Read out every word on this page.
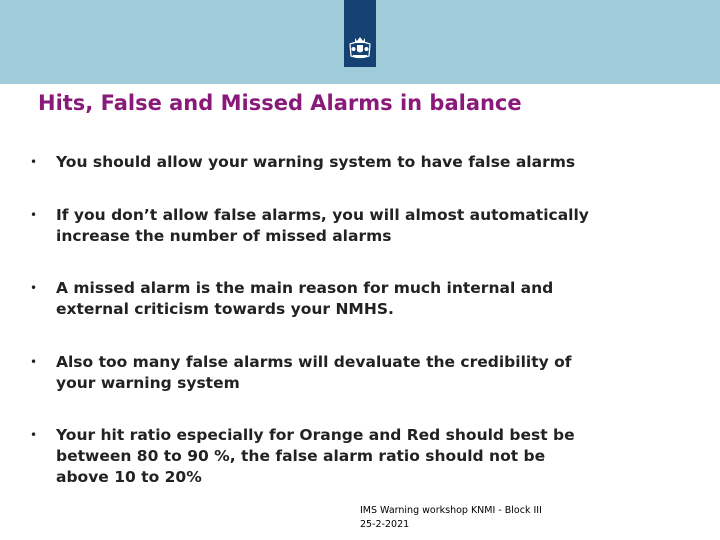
Hits, False and Missed Alarms in balance
• You should allow your warning system to have false alarms
• If you don’t allow false alarms, you will almost automatically
increase the number of missed alarms
• A missed alarm is the main reason for much internal and
external criticism towards your NMHS.
• Also too many false alarms will devaluate the credibility of
your warning system
• Your hit ratio especially for Orange and Red should best be
between 80 to 90 %, the false alarm ratio should not be
above 10 to 20%
IMS Warning workshop KNMI - Block III
25-2-2021
